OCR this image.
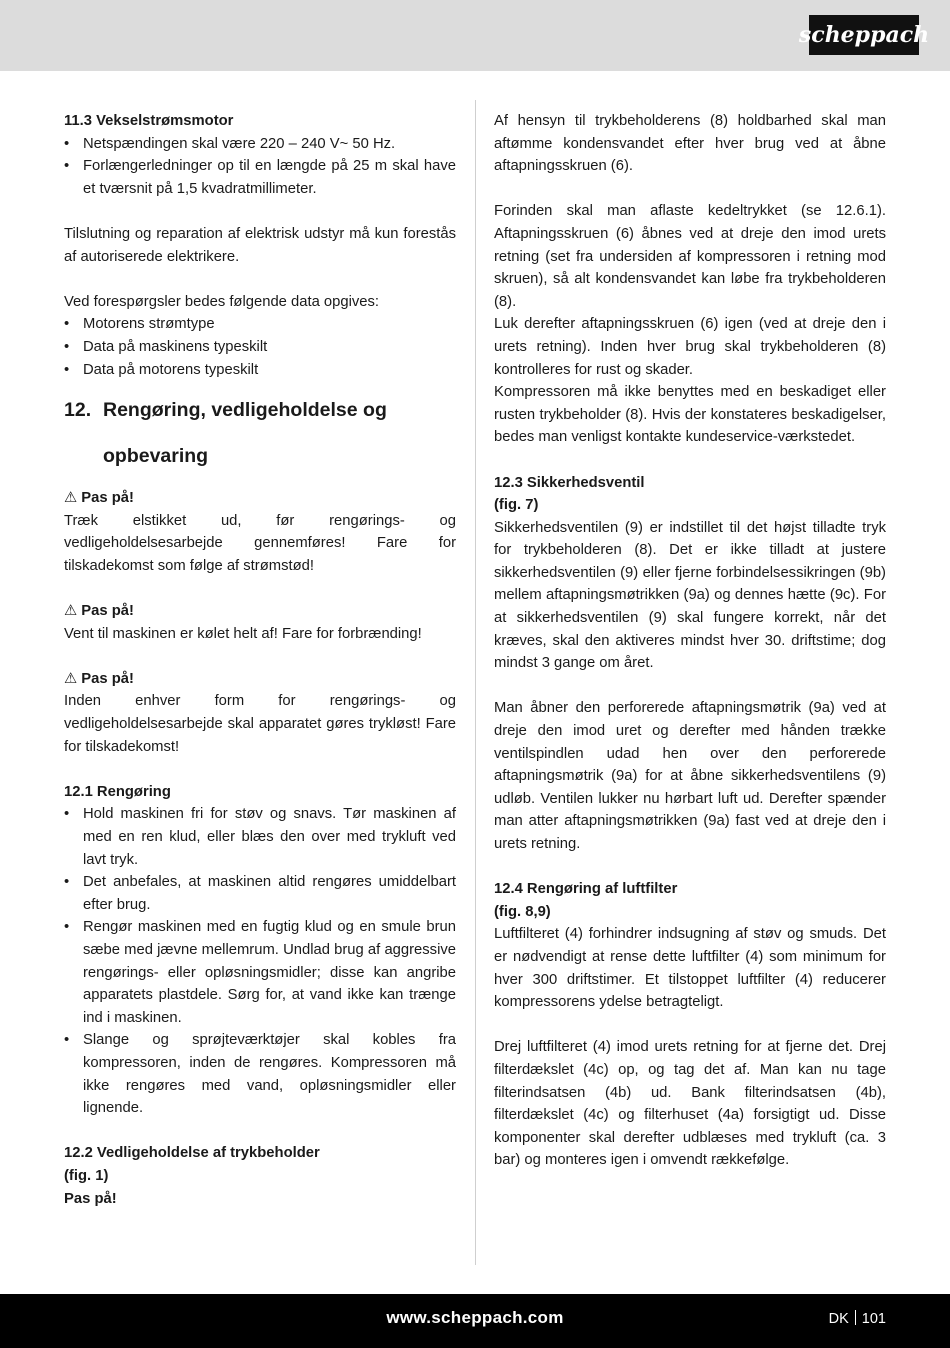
scheppach

11.3 Vekselstrømsmotor

• Netspændingen skal være 220 – 240 V~ 50 Hz.
• Forlængerledninger op til en længde på 25 m skal have et tværsnit på 1,5 kvadratmillimeter.

Tilslutning og reparation af elektrisk udstyr må kun forestås af autoriserede elektrikere.

Ved forespørgsler bedes følgende data opgives:

• Motorens strømtype
• Data på maskinens typeskilt
• Data på motorens typeskilt
12. Rengøring, vedligeholdelse og
opbevaring

⚠ Pas på!

Træk elstikket ud, før rengørings- og vedligeholdelsesarbejde gennemføres! Fare for tilskadekomst som følge af strømstød!

⚠ Pas på!

Vent til maskinen er kølet helt af! Fare for forbrænding!

⚠ Pas på!

Inden enhver form for rengørings- og vedligeholdelsesarbejde skal apparatet gøres trykløst! Fare for tilskadekomst!

12.1 Rengøring

• Hold maskinen fri for støv og snavs. Tør maskinen af med en ren klud, eller blæs den over med trykluft ved lavt tryk.
• Det anbefales, at maskinen altid rengøres umiddelbart efter brug.
• Rengør maskinen med en fugtig klud og en smule brun sæbe med jævne mellemrum. Undlad brug af aggressive rengørings- eller opløsningsmidler; disse kan angribe apparatets plastdele. Sørg for, at vand ikke kan trænge ind i maskinen.
• Slange og sprøjteværktøjer skal kobles fra kompressoren, inden de rengøres. Kompressoren må ikke rengøres med vand, opløsningsmidler eller lignende.

12.2 Vedligeholdelse af trykbeholder

(fig. 1)

Pas på!

Af hensyn til trykbeholderens (8) holdbarhed skal man aftømme kondensvandet efter hver brug ved at åbne aftapningsskruen (6).

Forinden skal man aflaste kedeltrykket (se 12.6.1). Aftapningsskruen (6) åbnes ved at dreje den imod urets retning (set fra undersiden af kompressoren i retning mod skruen), så alt kondensvandet kan løbe fra trykbeholderen (8).

Luk derefter aftapningsskruen (6) igen (ved at dreje den i urets retning). Inden hver brug skal trykbeholderen (8) kontrolleres for rust og skader.

Kompressoren må ikke benyttes med en beskadiget eller rusten trykbeholder (8). Hvis der konstateres beskadigelser, bedes man venligst kontakte kundeservice-værkstedet.

12.3 Sikkerhedsventil

(fig. 7)

Sikkerhedsventilen (9) er indstillet til det højst tilladte tryk for trykbeholderen (8). Det er ikke tilladt at justere sikkerhedsventilen (9) eller fjerne forbindelsessikringen (9b) mellem aftapningsmøtrikken (9a) og dennes hætte (9c). For at sikkerhedsventilen (9) skal fungere korrekt, når det kræves, skal den aktiveres mindst hver 30. driftstime; dog mindst 3 gange om året.

Man åbner den perforerede aftapningsmøtrik (9a) ved at dreje den imod uret og derefter med hånden trække ventilspindlen udad hen over den perforerede aftapningsmøtrik (9a) for at åbne sikkerhedsventilens (9) udløb. Ventilen lukker nu hørbart luft ud. Derefter spænder man atter aftapningsmøtrikken (9a) fast ved at dreje den i urets retning.

12.4 Rengøring af luftfilter

(fig. 8,9)

Luftfilteret (4) forhindrer indsugning af støv og smuds. Det er nødvendigt at rense dette luftfilter (4) som minimum for hver 300 driftstimer. Et tilstoppet luftfilter (4) reducerer kompressorens ydelse betragteligt.

Drej luftfilteret (4) imod urets retning for at fjerne det. Drej filterdækslet (4c) op, og tag det af. Man kan nu tage filterindsatsen (4b) ud. Bank filterindsatsen (4b), filterdækslet (4c) og filterhuset (4a) forsigtigt ud. Disse komponenter skal derefter udblæses med trykluft (ca. 3 bar) og monteres igen i omvendt rækkefølge.

www.scheppach.com	DK 101
